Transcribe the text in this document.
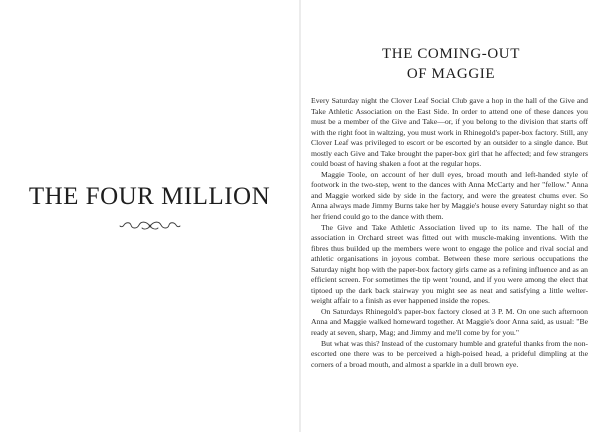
THE FOUR MILLION
THE COMING-OUT
OF MAGGIE

Every Saturday night the Clover Leaf Social Club gave a hop in the hall of the Give and Take Athletic Association on the East Side. In order to attend one of these dances you must be a member of the Give and Take—or, if you belong to the division that starts off with the right foot in waltzing, you must work in Rhinegold's paper-box factory. Still, any Clover Leaf was privileged to escort or be escorted by an outsider to a single dance. But mostly each Give and Take brought the paper-box girl that he affected; and few strangers could boast of having shaken a foot at the regular hops.

Maggie Toole, on account of her dull eyes, broad mouth and left-handed style of footwork in the two-step, went to the dances with Anna McCarty and her "fellow." Anna and Maggie worked side by side in the factory, and were the greatest chums ever. So Anna always made Jimmy Burns take her by Maggie's house every Saturday night so that her friend could go to the dance with them.

The Give and Take Athletic Association lived up to its name. The hall of the association in Orchard street was fitted out with muscle-making inventions. With the fibres thus builded up the members were wont to engage the police and rival social and athletic organisations in joyous combat. Between these more serious occupations the Saturday night hop with the paper-box factory girls came as a refining influence and as an efficient screen. For sometimes the tip went 'round, and if you were among the elect that tiptoed up the dark back stairway you might see as neat and satisfying a little welter-weight affair to a finish as ever happened inside the ropes.

On Saturdays Rhinegold's paper-box factory closed at 3 P. M. On one such afternoon Anna and Maggie walked homeward together. At Maggie's door Anna said, as usual: "Be ready at seven, sharp, Mag; and Jimmy and me'll come by for you."

But what was this? Instead of the customary humble and grateful thanks from the non-escorted one there was to be perceived a high-poised head, a prideful dimpling at the corners of a broad mouth, and almost a sparkle in a dull brown eye.
